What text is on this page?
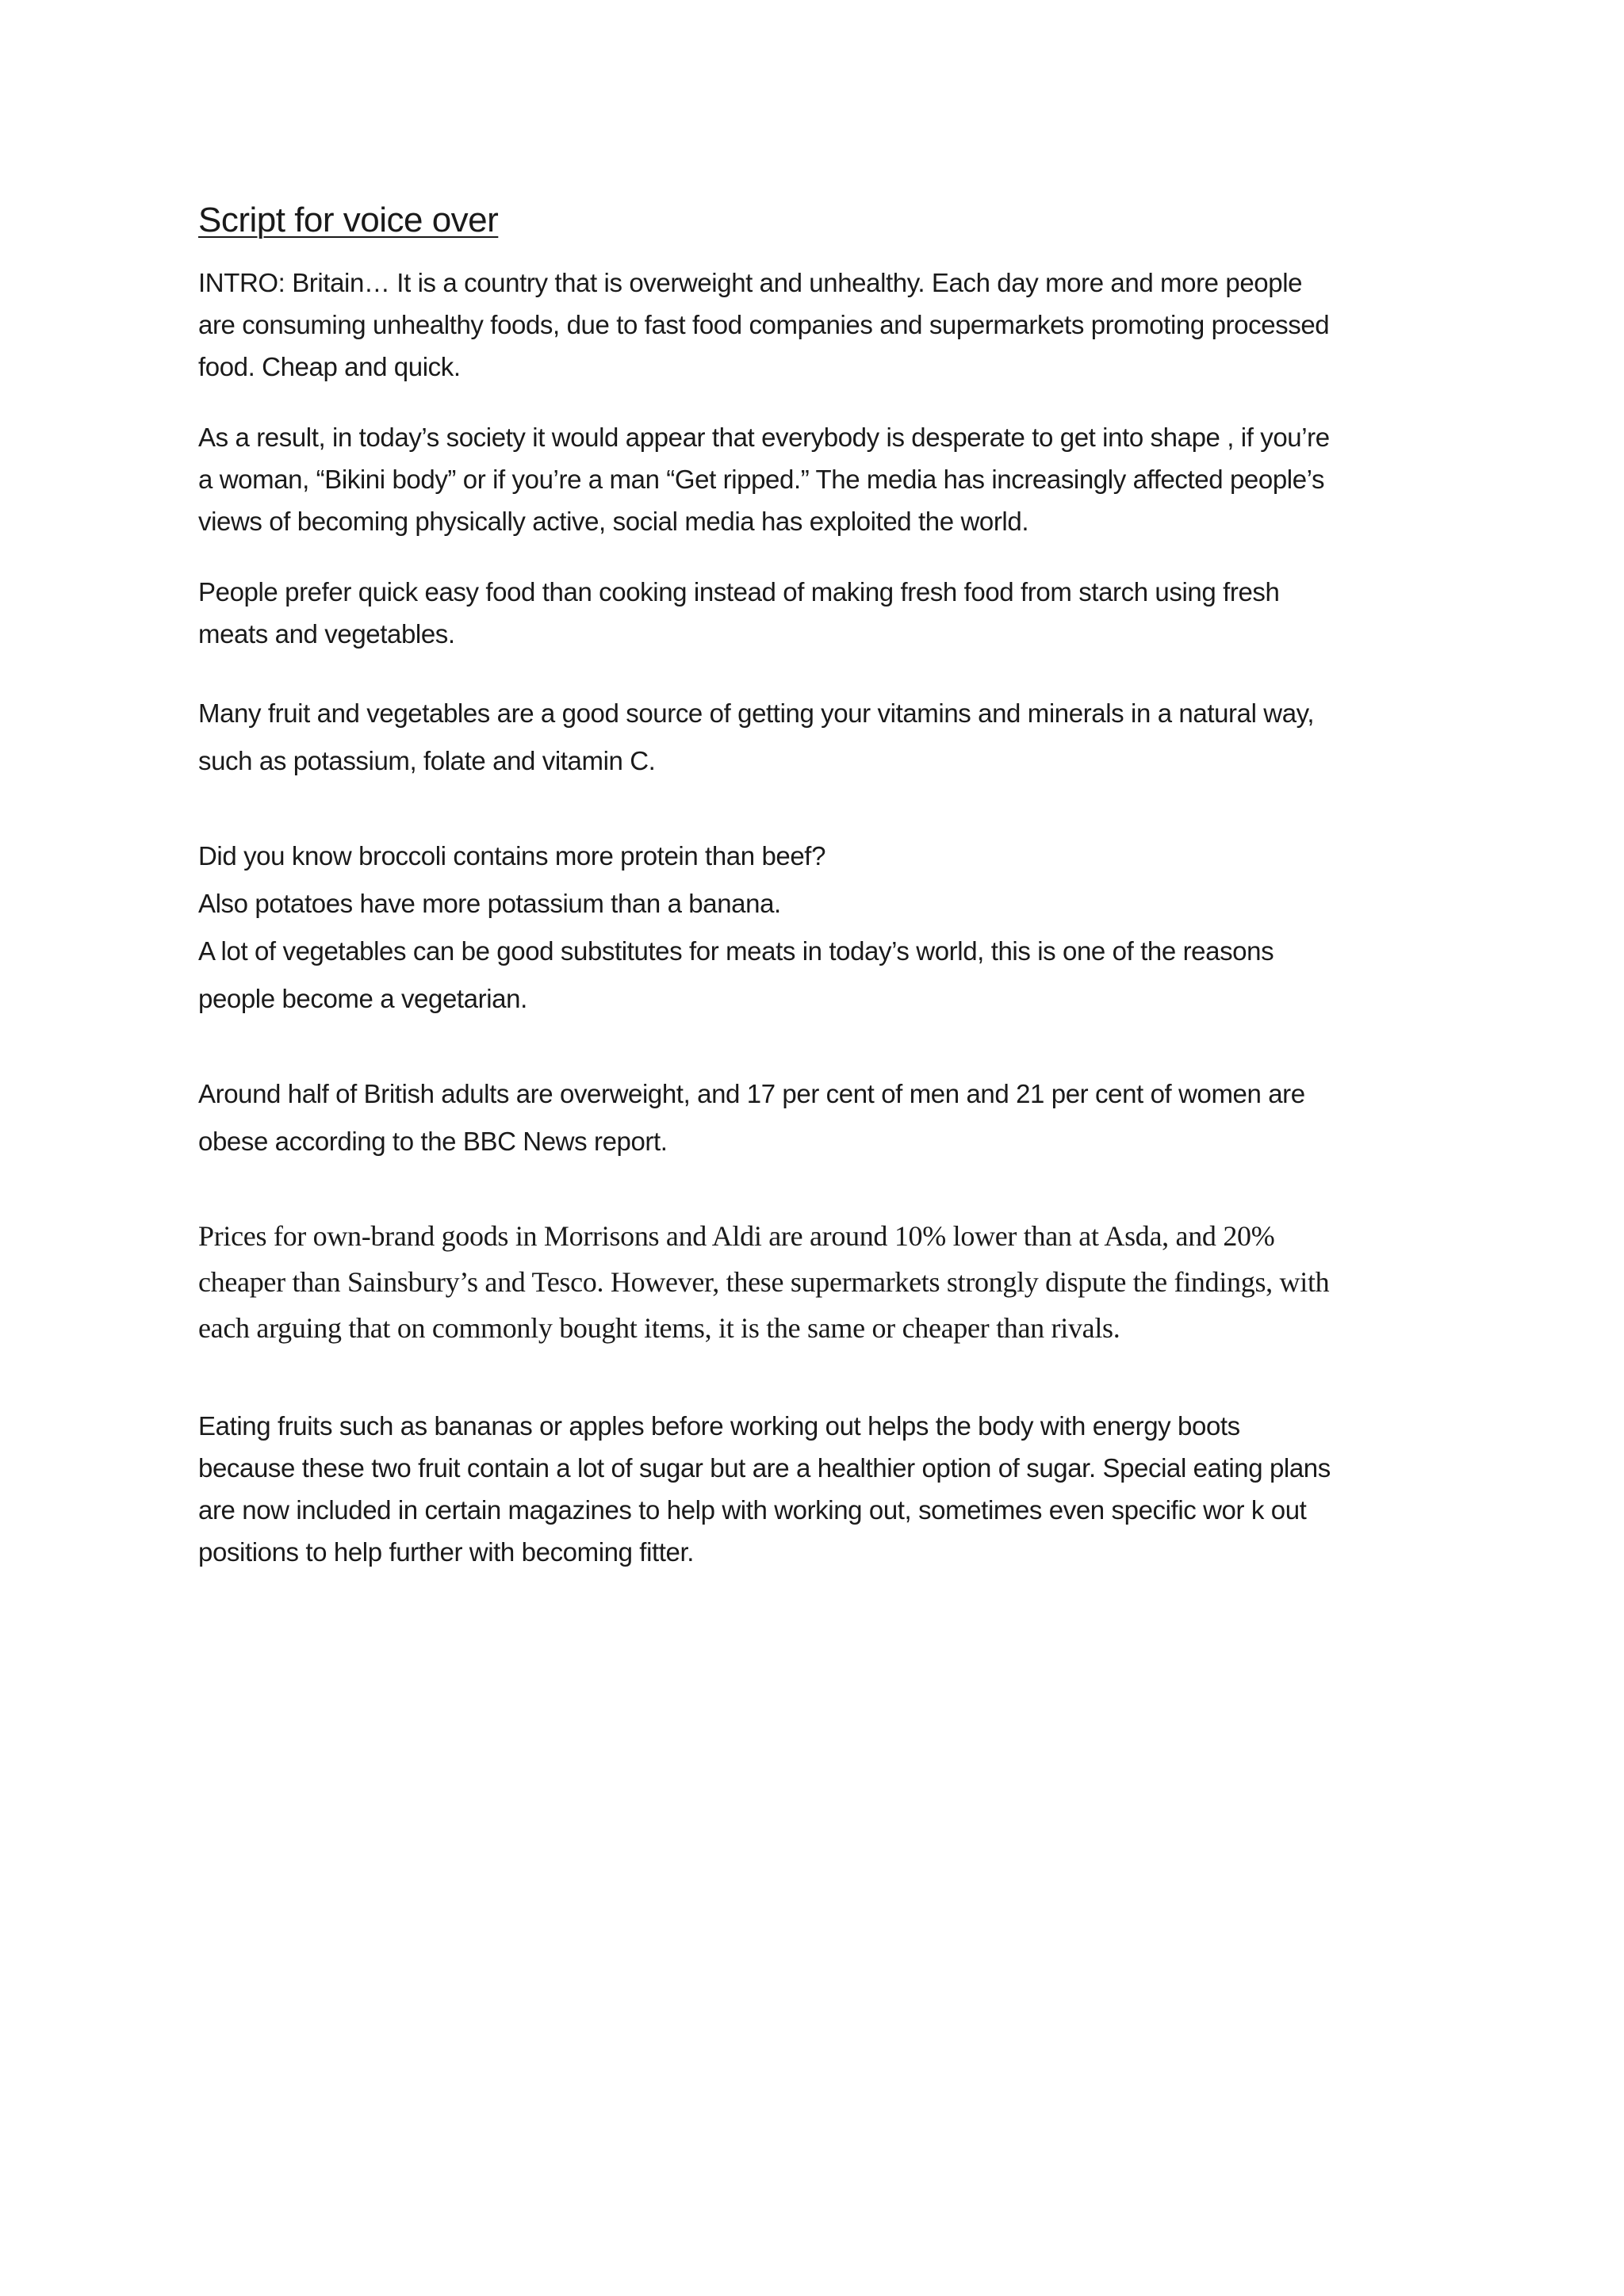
Script for voice over

INTRO: Britain… It is a country that is overweight and unhealthy. Each day more and more people
are consuming unhealthy foods, due to fast food companies and supermarkets promoting processed
food. Cheap and quick.

As a result, in today’s society it would appear that everybody is desperate to get into shape , if you’re
a woman, “Bikini body” or if you’re a man “Get ripped.” The media has increasingly affected people’s
views of becoming physically active, social media has exploited the world.

People prefer quick easy food than cooking instead of making fresh food from starch using fresh
meats and vegetables.

Many fruit and vegetables are a good source of getting your vitamins and minerals in a natural way,
such as potassium, folate and vitamin C.

Did you know broccoli contains more protein than beef?
Also potatoes have more potassium than a banana.
A lot of vegetables can be good substitutes for meats in today’s world, this is one of the reasons
people become a vegetarian.

Around half of British adults are overweight, and 17 per cent of men and 21 per cent of women are
obese according to the BBC News report.

Prices for own-brand goods in Morrisons and Aldi are around 10% lower than at Asda, and 20%
cheaper than Sainsbury’s and Tesco. However, these supermarkets strongly dispute the findings, with
each arguing that on commonly bought items, it is the same or cheaper than rivals.

Eating fruits such as bananas or apples before working out helps the body with energy boots
because these two fruit contain a lot of sugar but are a healthier option of sugar. Special eating plans
are now included in certain magazines to help with working out, sometimes even specific wor k out
positions to help further with becoming fitter.
